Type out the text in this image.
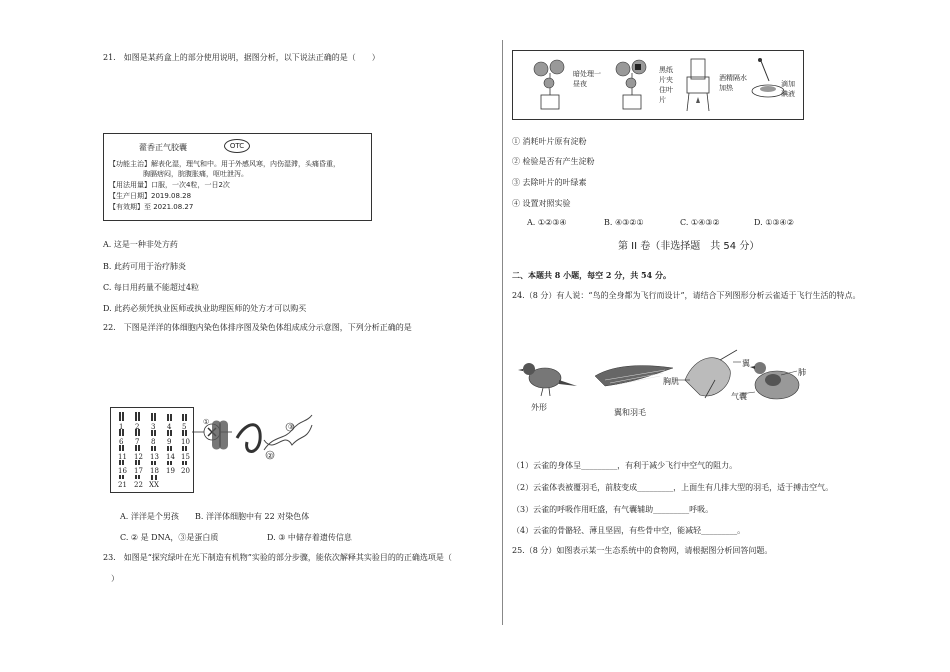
21.　如图是某药盒上的部分使用说明，据图分析，以下说法正确的是（　　）
藿香正气胶囊	OTC
【功能主治】解表化湿，理气和中。用于外感风寒，内伤湿滞，头痛昏重，
胸膈痞闷，脘腹胀痛，呕吐泄泻。
【用法用量】口服，一次4粒，一日2次
【生产日期】2019.08.28
【有效期】至 2021.08.27
A. 这是一种非处方药
B. 此药可用于治疗肺炎
C. 每日用药量不能超过4粒
D. 此药必须凭执业医师或执业助理医师的处方才可以购买
22.　下图是洋洋的体细胞内染色体排序图及染色体组成成分示意图，下列分析正确的是
1 2 3 4 5
6 7 8 9 10
11 12 13 14 15
16 17 18 19 20
21 22 XX
①
②
③
A. 洋洋是个男孩 B. 洋洋体细胞中有 22 对染色体
C. ② 是 DNA，③是蛋白质	D. ③ 中储存着遗传信息
23.　如图是“探究绿叶在光下制造有机物”实验的部分步骤，能依次解释其实验目的的正确选项是（
）
暗处理一昼夜
黑纸片夹住叶片
酒精隔水加热	滴加碘液
① 消耗叶片原有淀粉
② 检验是否有产生淀粉
③ 去除叶片的叶绿素
④ 设置对照实验
A. ①②③④	B. ④③②①	C. ①④③②	D. ①③④②
第 II 卷（非选择题　共 54 分）
二、本题共 8 小题，每空 2 分，共 54 分。
24.（8 分）有人说：“鸟的全身都为飞行而设计”，请结合下列图形分析云雀适于飞行生活的特点。
外形
翼和羽毛
胸肌
翼
气囊
肺
（1）云雀的身体呈_________，有利于减少飞行中空气的阻力。
（2）云雀体表被覆羽毛，前肢变成_________，上面生有几排大型的羽毛，适于搏击空气。
（3）云雀的呼吸作用旺盛，有气囊辅助_________呼吸。
（4）云雀的骨骼轻、薄且坚固，有些骨中空，能减轻_________。
25.（8 分）如图表示某一生态系统中的食物网，请根据图分析回答问题。
